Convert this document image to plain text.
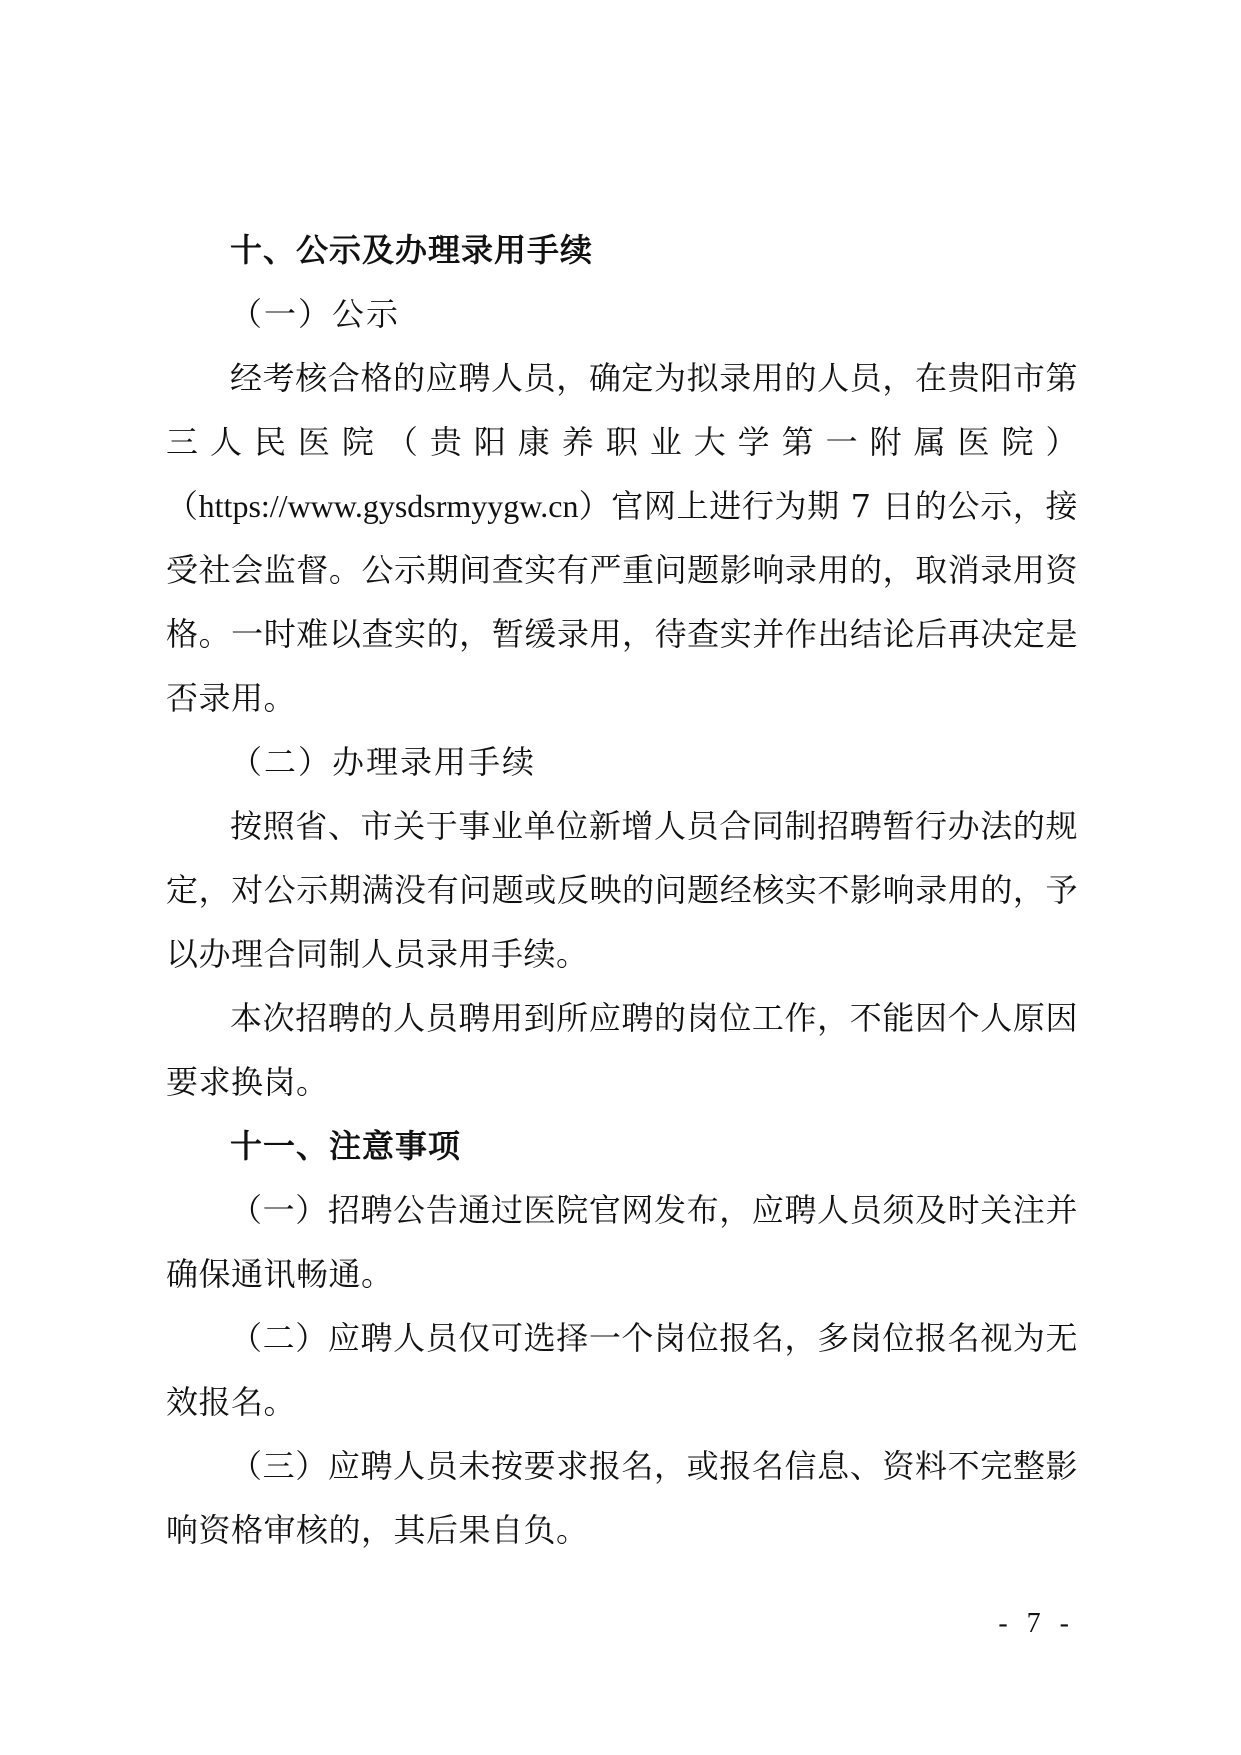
十、公示及办理录用手续

（一）公示

经考核合格的应聘人员，确定为拟录用的人员，在贵阳市第三人民医院（贵阳康养职业大学第一附属医院）（https://www.gysdsrmyygw.cn）官网上进行为期 7 日的公示，接受社会监督。公示期间查实有严重问题影响录用的，取消录用资格。一时难以查实的，暂缓录用，待查实并作出结论后再决定是否录用。

（二）办理录用手续

按照省、市关于事业单位新增人员合同制招聘暂行办法的规定，对公示期满没有问题或反映的问题经核实不影响录用的，予以办理合同制人员录用手续。

本次招聘的人员聘用到所应聘的岗位工作，不能因个人原因要求换岗。

十一、注意事项

（一）招聘公告通过医院官网发布，应聘人员须及时关注并确保通讯畅通。

（二）应聘人员仅可选择一个岗位报名，多岗位报名视为无效报名。

（三）应聘人员未按要求报名，或报名信息、资料不完整影响资格审核的，其后果自负。

- 7 -
